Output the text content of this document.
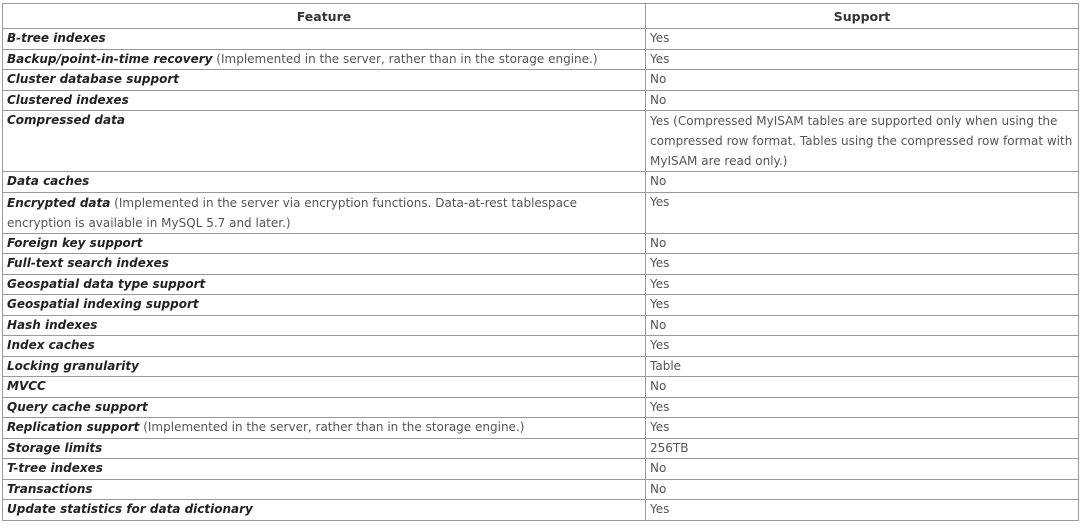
Feature	Support
B-tree indexes	Yes
Backup/point-in-time recovery (Implemented in the server, rather than in the storage engine.)	Yes
Cluster database support	No
Clustered indexes	No
Compressed data	Yes (Compressed MyISAM tables are supported only when using the compressed row format. Tables using the compressed row format with MyISAM are read only.)
Data caches	No
Encrypted data (Implemented in the server via encryption functions. Data-at-rest tablespace encryption is available in MySQL 5.7 and later.)	Yes
Foreign key support	No
Full-text search indexes	Yes
Geospatial data type support	Yes
Geospatial indexing support	Yes
Hash indexes	No
Index caches	Yes
Locking granularity	Table
MVCC	No
Query cache support	Yes
Replication support (Implemented in the server, rather than in the storage engine.)	Yes
Storage limits	256TB
T-tree indexes	No
Transactions	No
Update statistics for data dictionary	Yes
